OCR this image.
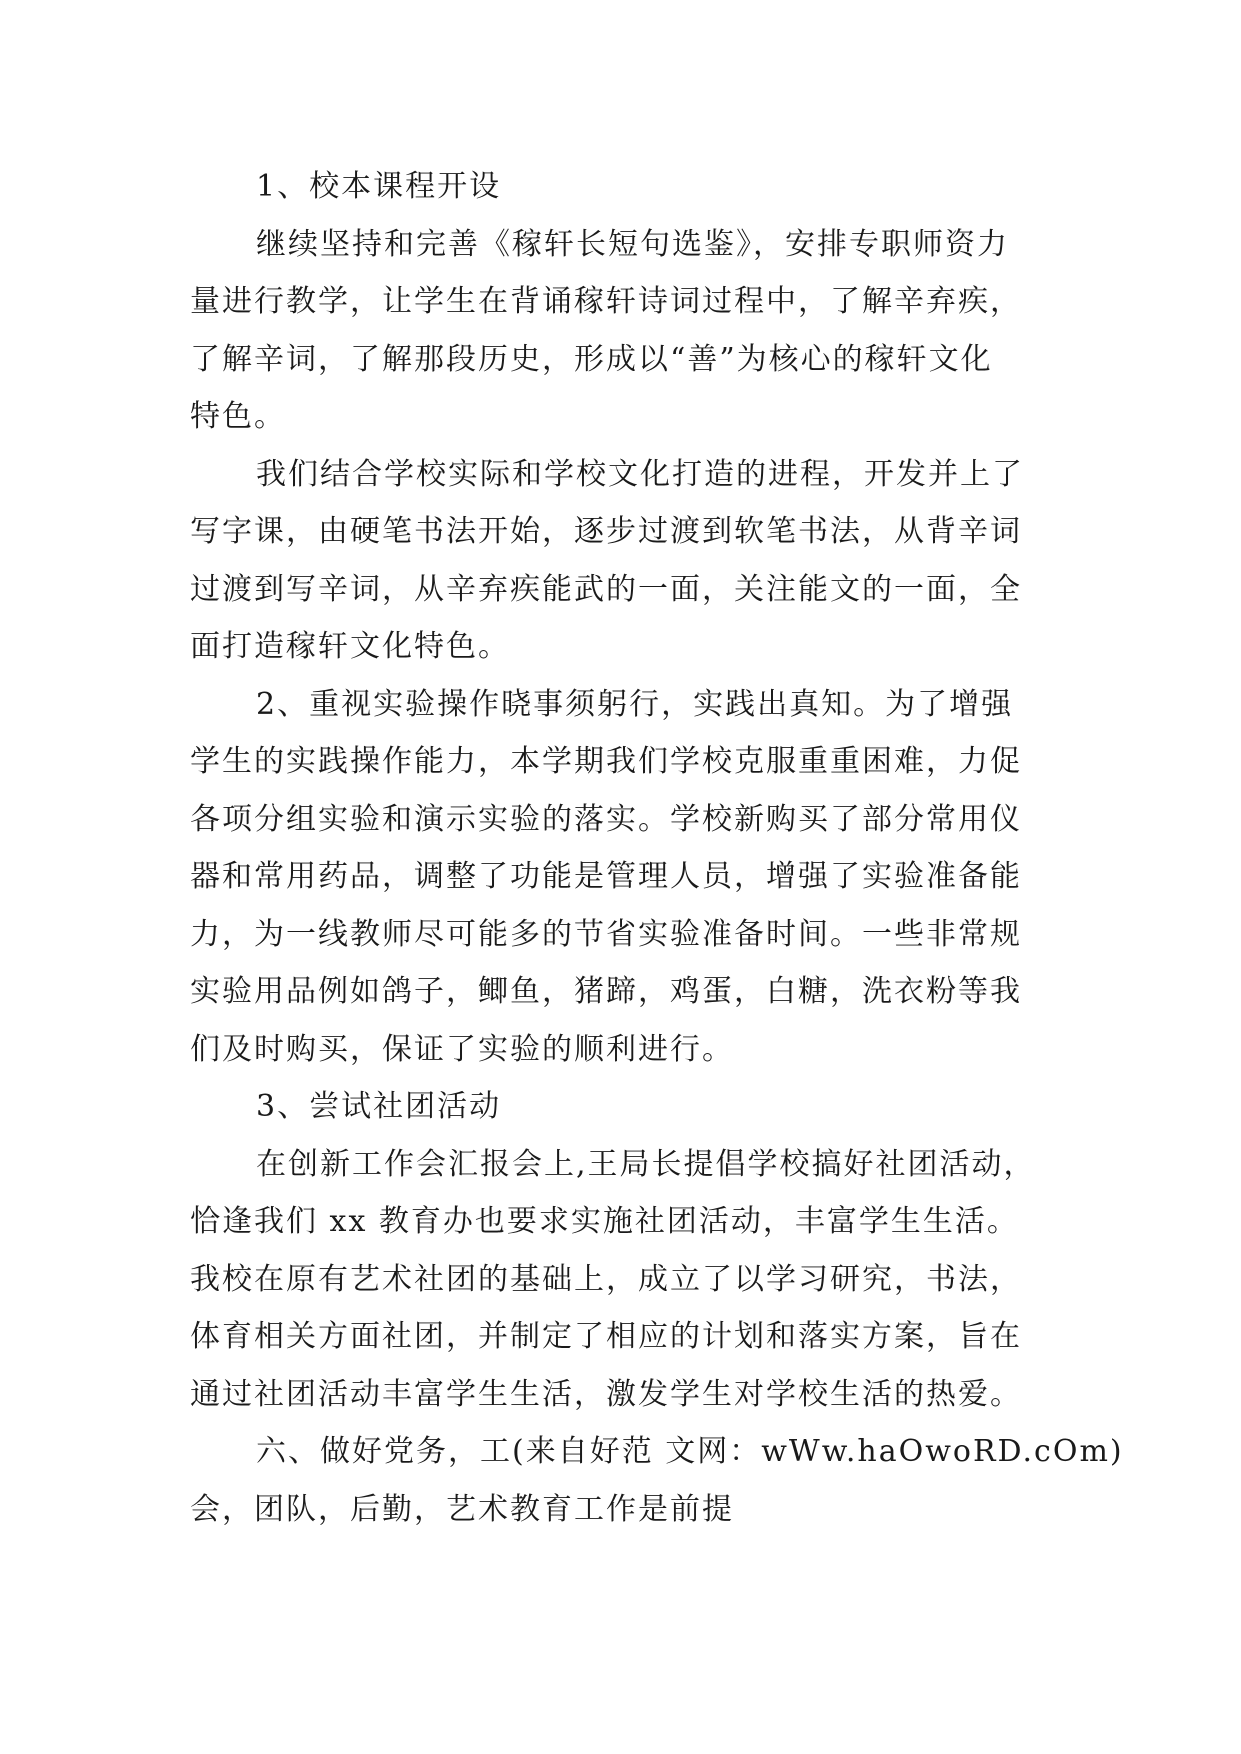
1、校本课程开设
继续坚持和完善《稼轩长短句选鉴》，安排专职师资力
量进行教学，让学生在背诵稼轩诗词过程中，了解辛弃疾，
了解辛词，了解那段历史，形成以“善”为核心的稼轩文化
特色。
我们结合学校实际和学校文化打造的进程，开发并上了
写字课，由硬笔书法开始，逐步过渡到软笔书法，从背辛词
过渡到写辛词，从辛弃疾能武的一面，关注能文的一面，全
面打造稼轩文化特色。
2、重视实验操作晓事须躬行，实践出真知。为了增强
学生的实践操作能力，本学期我们学校克服重重困难，力促
各项分组实验和演示实验的落实。学校新购买了部分常用仪
器和常用药品，调整了功能是管理人员，增强了实验准备能
力，为一线教师尽可能多的节省实验准备时间。一些非常规
实验用品例如鸽子，鲫鱼，猪蹄，鸡蛋，白糖，洗衣粉等我
们及时购买，保证了实验的顺利进行。
3、尝试社团活动
在创新工作会汇报会上,王局长提倡学校搞好社团活动，
恰逢我们 xx 教育办也要求实施社团活动，丰富学生生活。
我校在原有艺术社团的基础上，成立了以学习研究，书法，
体育相关方面社团，并制定了相应的计划和落实方案，旨在
通过社团活动丰富学生生活，激发学生对学校生活的热爱。
六、做好党务，工(来自好范 文网：wWw.haOwoRD.cOm)
会，团队，后勤，艺术教育工作是前提
